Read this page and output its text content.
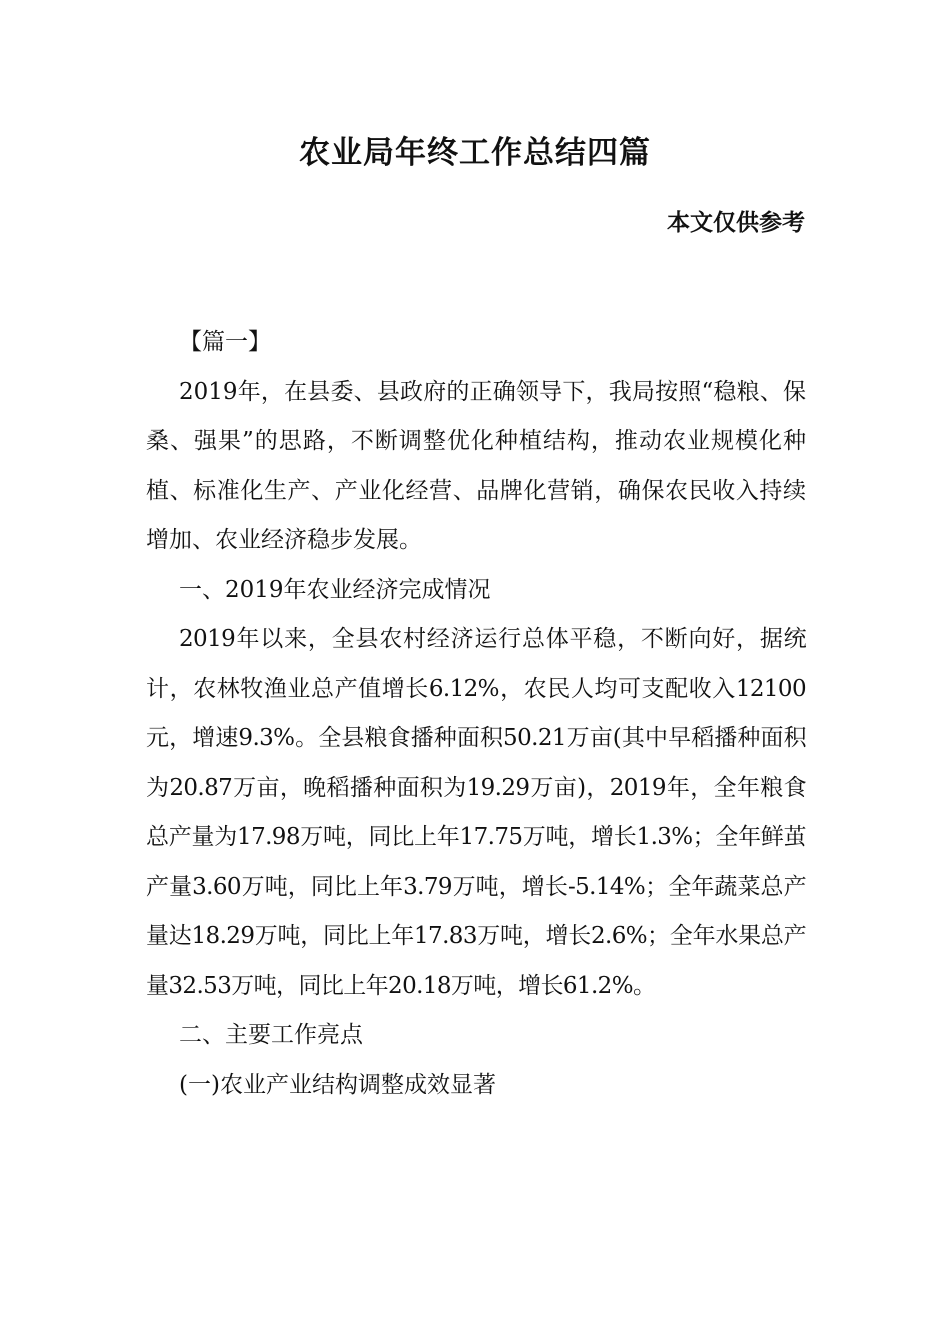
农业局年终工作总结四篇
本文仅供参考

【篇一】

2019年，在县委、县政府的正确领导下，我局按照“稳粮、保桑、强果”的思路，不断调整优化种植结构，推动农业规模化种植、标准化生产、产业化经营、品牌化营销，确保农民收入持续增加、农业经济稳步发展。

一、2019年农业经济完成情况

2019年以来，全县农村经济运行总体平稳，不断向好，据统计，农林牧渔业总产值增长6.12%，农民人均可支配收入12100元，增速9.3%。全县粮食播种面积50.21万亩(其中早稻播种面积为20.87万亩，晚稻播种面积为19.29万亩)，2019年，全年粮食总产量为17.98万吨，同比上年17.75万吨，增长1.3%；全年鲜茧产量3.60万吨，同比上年3.79万吨，增长-5.14%；全年蔬菜总产量达18.29万吨，同比上年17.83万吨，增长2.6%；全年水果总产量32.53万吨，同比上年20.18万吨，增长61.2%。

二、主要工作亮点

(一)农业产业结构调整成效显著
